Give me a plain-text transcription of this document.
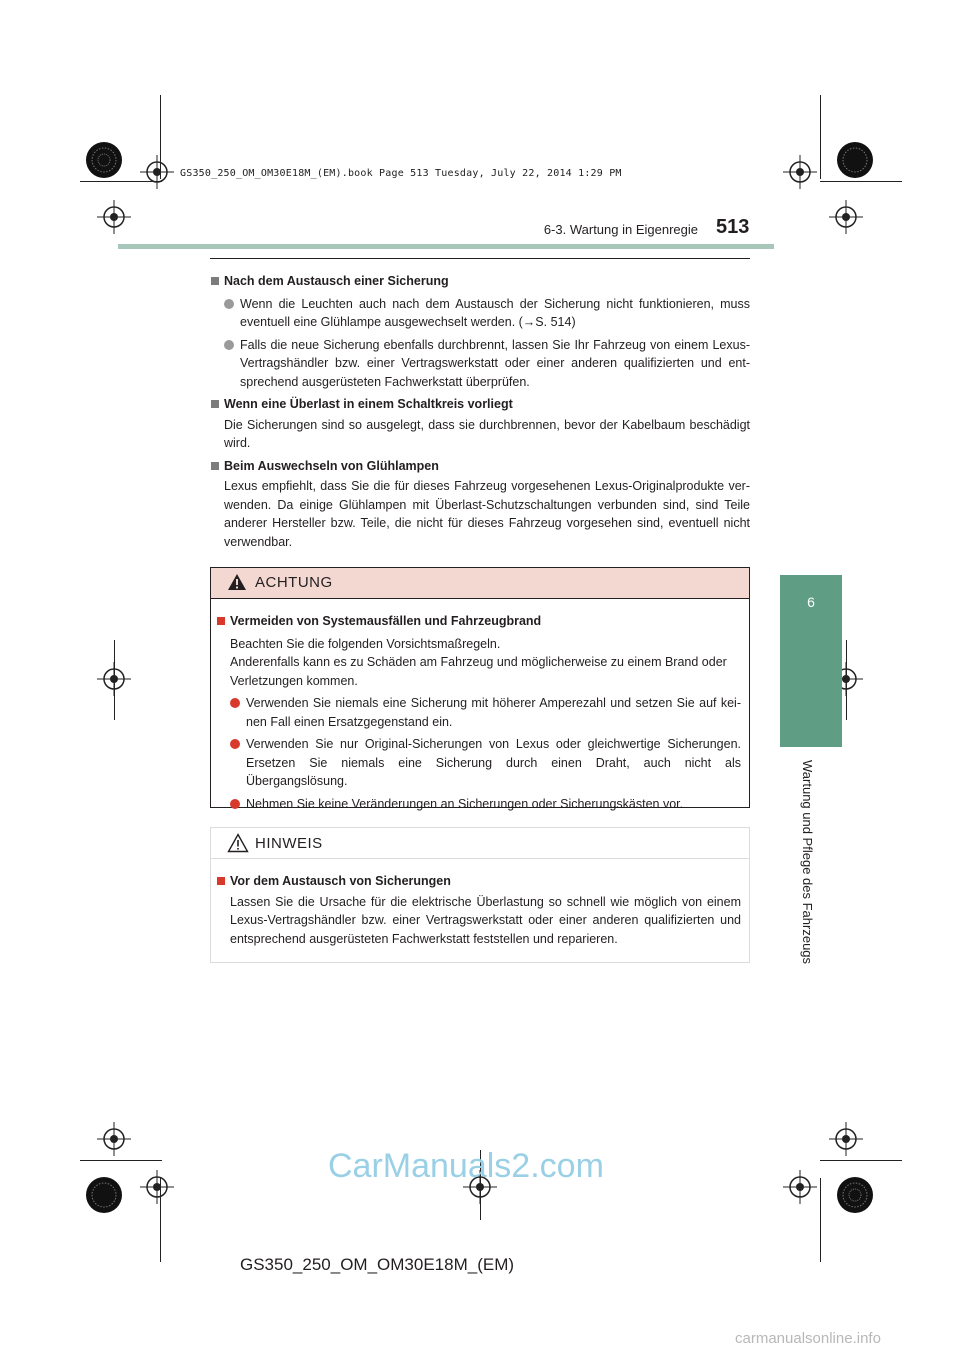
GS350_250_OM_OM30E18M_(EM).book Page 513 Tuesday, July 22, 2014 1:29 PM
6-3. Wartung in Eigenregie 513
6
Wartung und Pflege des Fahrzeugs
Nach dem Austausch einer Sicherung
Wenn die Leuchten auch nach dem Austausch der Sicherung nicht funktionieren, muss eventuell eine Glühlampe ausgewechselt werden. (→S. 514)
Falls die neue Sicherung ebenfalls durchbrennt, lassen Sie Ihr Fahrzeug von einem Lexus-Vertragshändler bzw. einer Vertragswerkstatt oder einer anderen qualifizierten und ent-sprechend ausgerüsteten Fachwerkstatt überprüfen.
Wenn eine Überlast in einem Schaltkreis vorliegt
Die Sicherungen sind so ausgelegt, dass sie durchbrennen, bevor der Kabelbaum beschädigt wird.
Beim Auswechseln von Glühlampen
Lexus empfiehlt, dass Sie die für dieses Fahrzeug vorgesehenen Lexus-Originalprodukte ver-wenden. Da einige Glühlampen mit Überlast-Schutzschaltungen verbunden sind, sind Teile anderer Hersteller bzw. Teile, die nicht für dieses Fahrzeug vorgesehen sind, eventuell nicht verwendbar.
ACHTUNG
Vermeiden von Systemausfällen und Fahrzeugbrand
Beachten Sie die folgenden Vorsichtsmaßregeln.
Anderenfalls kann es zu Schäden am Fahrzeug und möglicherweise zu einem Brand oder Verletzungen kommen.
Verwenden Sie niemals eine Sicherung mit höherer Amperezahl und setzen Sie auf kei-nen Fall einen Ersatzgegenstand ein.
Verwenden Sie nur Original-Sicherungen von Lexus oder gleichwertige Sicherungen. Ersetzen Sie niemals eine Sicherung durch einen Draht, auch nicht als Übergangslösung.
Nehmen Sie keine Veränderungen an Sicherungen oder Sicherungskästen vor.
HINWEIS
Vor dem Austausch von Sicherungen
Lassen Sie die Ursache für die elektrische Überlastung so schnell wie möglich von einem Lexus-Vertragshändler bzw. einer Vertragswerkstatt oder einer anderen qualifizierten und entsprechend ausgerüsteten Fachwerkstatt feststellen und reparieren.
CarManuals2.com
GS350_250_OM_OM30E18M_(EM)
carmanualsonline.info
